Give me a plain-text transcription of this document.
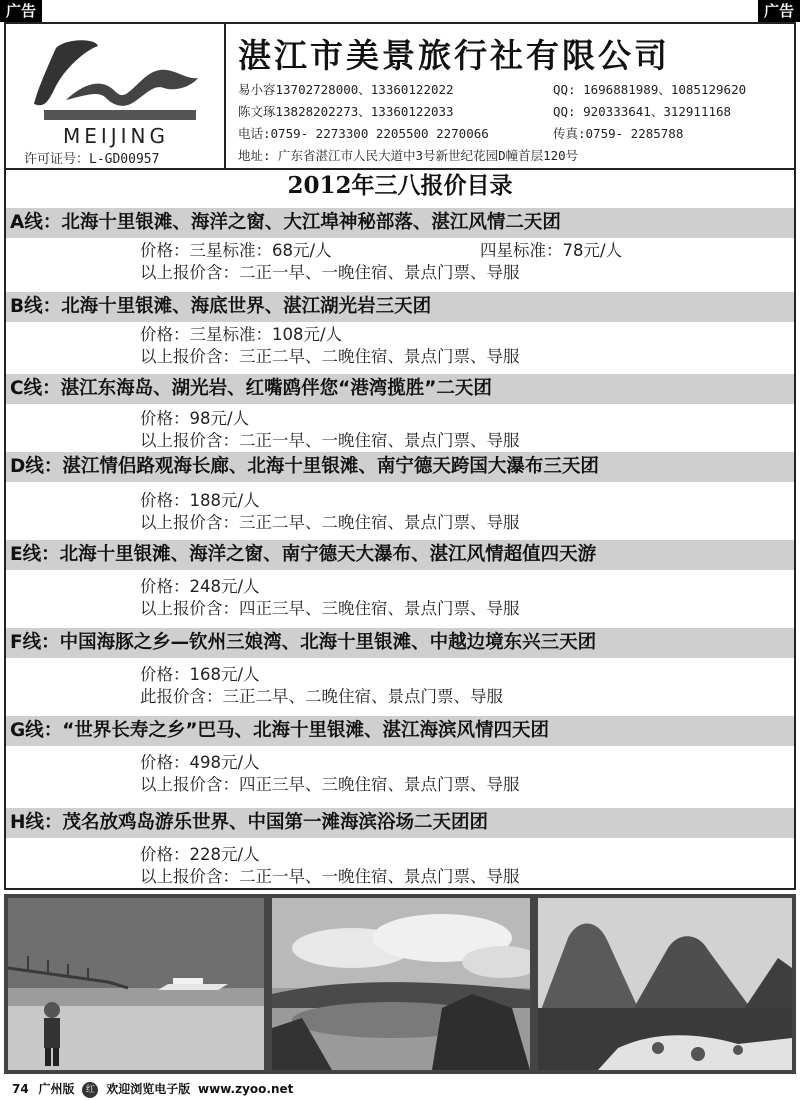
广告	广告
MEIJING
许可证号：L-GD00957
湛江市美景旅行社有限公司
易小容13702728000、13360122022	QQ: 1696881989、1085129620
陈文琢13828202273、13360122033	QQ: 920333641、312911168
电话:0759- 2273300 2205500 2270066	传真:0759- 2285788
地址: 广东省湛江市人民大道中3号新世纪花园D幢首层120号
2012年三八报价目录
A线：北海十里银滩、海洋之窗、大江埠神秘部落、湛江风情二天团
价格：三星标准：68元/人	四星标准：78元/人
以上报价含：二正一早、一晚住宿、景点门票、导服
B线：北海十里银滩、海底世界、湛江湖光岩三天团
价格：三星标准：108元/人
以上报价含：三正二早、二晚住宿、景点门票、导服
C线：湛江东海岛、湖光岩、红嘴鸥伴您“港湾揽胜”二天团
价格：98元/人
以上报价含：二正一早、一晚住宿、景点门票、导服
D线：湛江情侣路观海长廊、北海十里银滩、南宁德天跨国大瀑布三天团
价格：188元/人
以上报价含：三正二早、二晚住宿、景点门票、导服
E线：北海十里银滩、海洋之窗、南宁德天大瀑布、湛江风情超值四天游
价格：248元/人
以上报价含：四正三早、三晚住宿、景点门票、导服
F线：中国海豚之乡—钦州三娘湾、北海十里银滩、中越边境东兴三天团
价格：168元/人
此报价含：三正二早、二晚住宿、景点门票、导服
G线：“世界长寿之乡”巴马、北海十里银滩、湛江海滨风情四天团
价格：498元/人
以上报价含：四正三早、三晚住宿、景点门票、导服
H线：茂名放鸡岛游乐世界、中国第一滩海滨浴场二天团团
价格：228元/人
以上报价含：二正一早、一晚住宿、景点门票、导服
74 广州版 红 欢迎浏览电子版 www.zyoo.net
